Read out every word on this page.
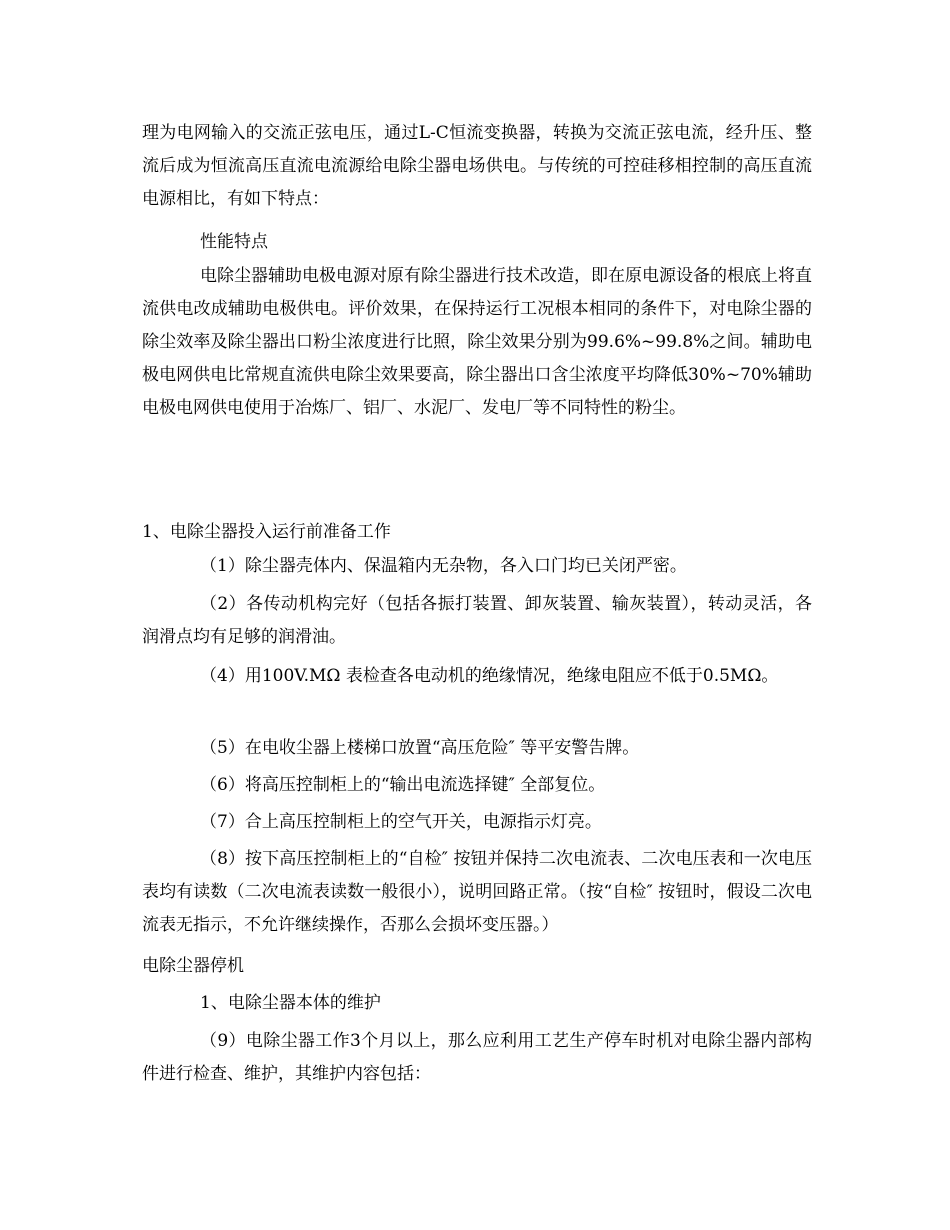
理为电网输入的交流正弦电压，通过L-C恒流变换器，转换为交流正弦电流，经升压、整流后成为恒流高压直流电流源给电除尘器电场供电。与传统的可控硅移相控制的高压直流电源相比，有如下特点：

性能特点

电除尘器辅助电极电源对原有除尘器进行技术改造，即在原电源设备的根底上将直流供电改成辅助电极供电。评价效果，在保持运行工况根本相同的条件下，对电除尘器的除尘效率及除尘器出口粉尘浓度进行比照，除尘效果分别为99.6%~99.8%之间。辅助电极电网供电比常规直流供电除尘效果要高，除尘器出口含尘浓度平均降低30%~70%辅助电极电网供电使用于冶炼厂、铝厂、水泥厂、发电厂等不同特性的粉尘。

1、电除尘器投入运行前准备工作

（1）除尘器壳体内、保温箱内无杂物，各入口门均已关闭严密。

（2）各传动机构完好（包括各振打装置、卸灰装置、输灰装置），转动灵活，各润滑点均有足够的润滑油。

（4）用100V.MΩ 表检查各电动机的绝缘情况，绝缘电阻应不低于0.5MΩ。

（5）在电收尘器上楼梯口放置“高压危险″ 等平安警告牌。

（6）将高压控制柜上的“输出电流选择键″ 全部复位。

（7）合上高压控制柜上的空气开关，电源指示灯亮。

（8）按下高压控制柜上的“自检″ 按钮并保持二次电流表、二次电压表和一次电压表均有读数（二次电流表读数一般很小），说明回路正常。（按“自检″ 按钮时，假设二次电流表无指示，不允许继续操作，否那么会损坏变压器。）

电除尘器停机

1、电除尘器本体的维护

（9）电除尘器工作3个月以上，那么应利用工艺生产停车时机对电除尘器内部构件进行检查、维护，其维护内容包括：
